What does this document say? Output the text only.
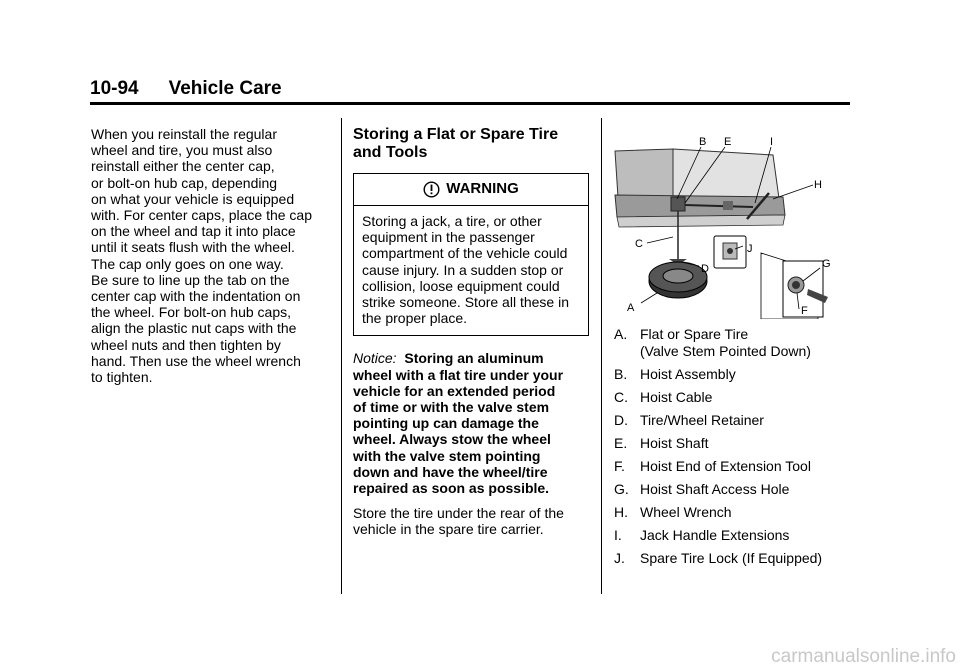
10-94 Vehicle Care

When you reinstall the regular
wheel and tire, you must also
reinstall either the center cap,
or bolt-on hub cap, depending
on what your vehicle is equipped
with. For center caps, place the cap
on the wheel and tap it into place
until it seats flush with the wheel.
The cap only goes on one way.
Be sure to line up the tab on the
center cap with the indentation on
the wheel. For bolt-on hub caps,
align the plastic nut caps with the
wheel nuts and then tighten by
hand. Then use the wheel wrench
to tighten.

Storing a Flat or Spare Tire
and Tools
WARNING
Storing a jack, a tire, or other
equipment in the passenger
compartment of the vehicle could
cause injury. In a sudden stop or
collision, loose equipment could
strike someone. Store all these in
the proper place.
Notice: Storing an aluminum
wheel with a flat tire under your
vehicle for an extended period
of time or with the valve stem
pointing up can damage the
wheel. Always stow the wheel
with the valve stem pointing
down and have the wheel/tire
repaired as soon as possible.

Store the tire under the rear of the
vehicle in the spare tire carrier.

B E	I
H
D
C	J
G
A	F
A. Flat or Spare Tire
(Valve Stem Pointed Down)
B. Hoist Assembly
C. Hoist Cable
D. Tire/Wheel Retainer
E. Hoist Shaft
F.	Hoist End of Extension Tool
G. Hoist Shaft Access Hole
H. Wheel Wrench
I.	Jack Handle Extensions
J.	Spare Tire Lock (If Equipped)
carmanualsonline.info
